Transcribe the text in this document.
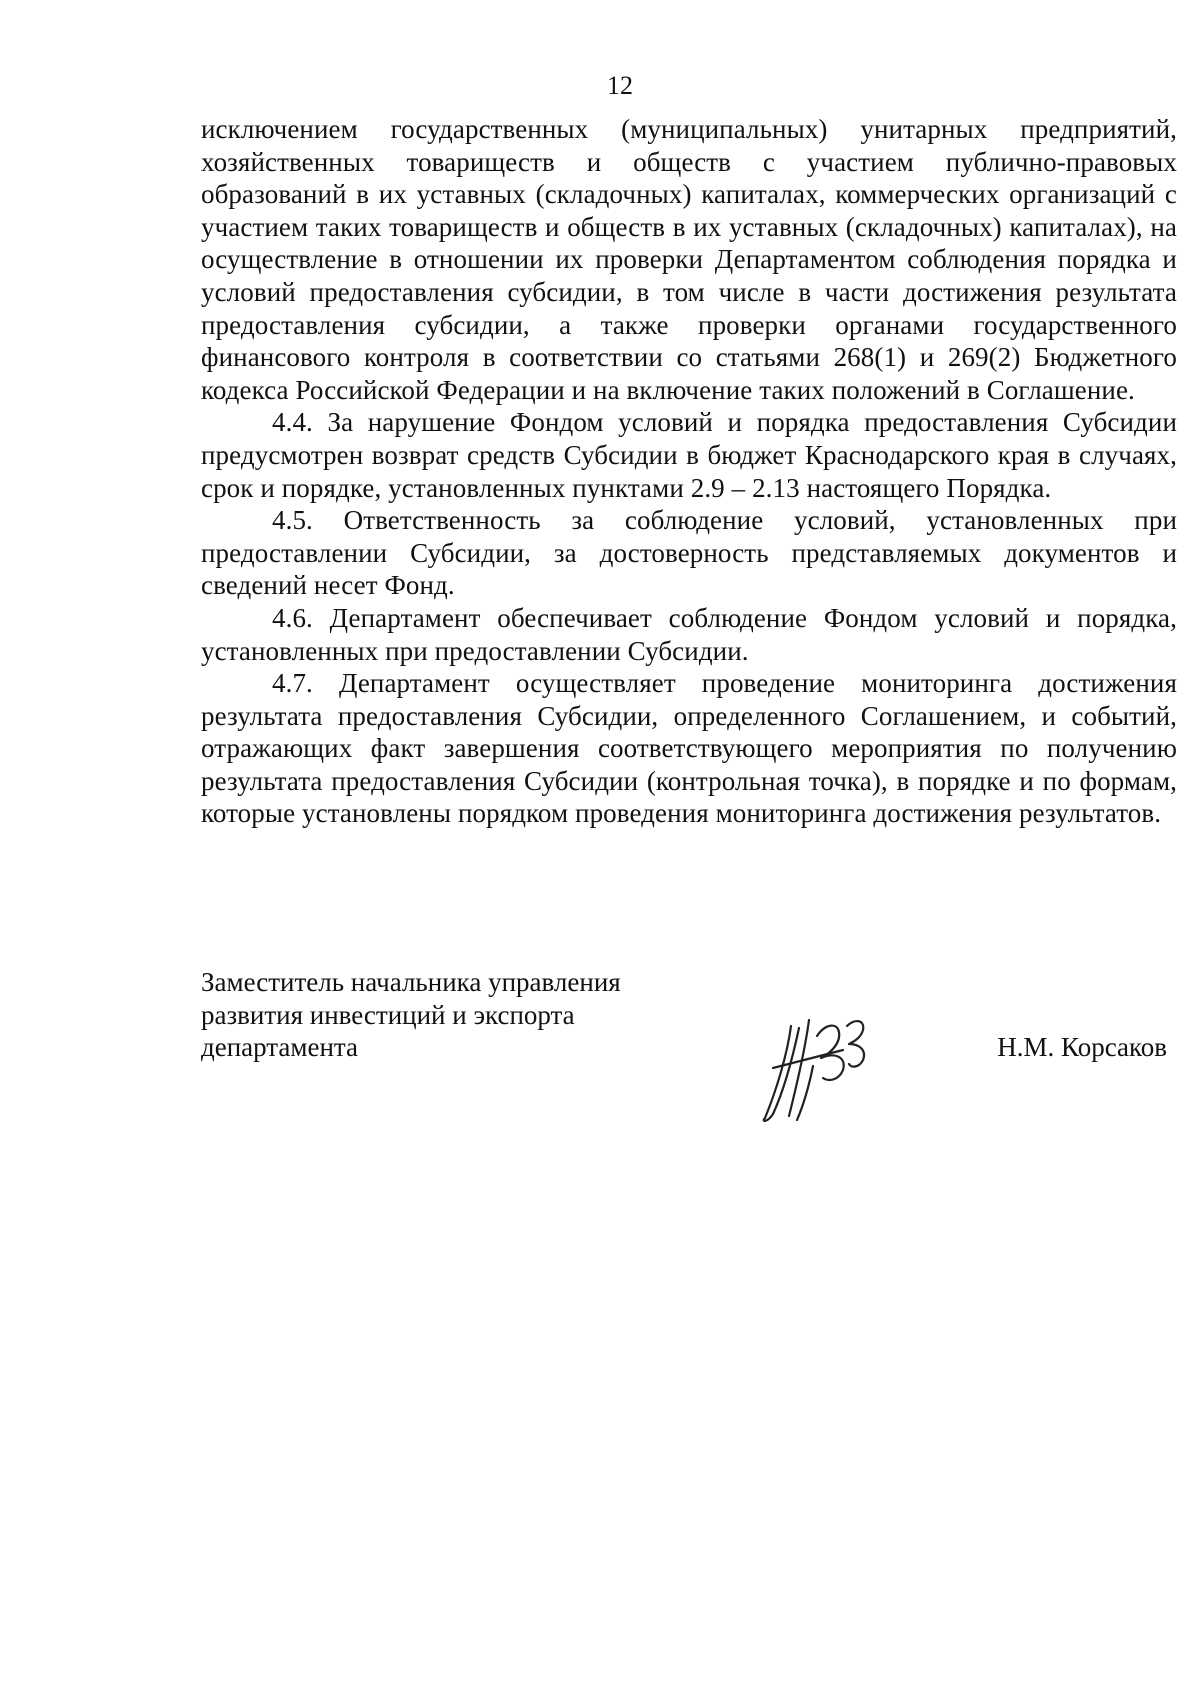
12

исключением государственных (муниципальных) унитарных предприятий, хозяйственных товариществ и обществ с участием публично-правовых образований в их уставных (складочных) капиталах, коммерческих организаций с участием таких товариществ и обществ в их уставных (складочных) капиталах), на осуществление в отношении их проверки Департаментом соблюдения порядка и условий предоставления субсидии, в том числе в части достижения результата предоставления субсидии, а также проверки органами государственного финансового контроля в соответствии со статьями 268(1) и 269(2) Бюджетного кодекса Российской Федерации и на включение таких положений в Соглашение.

4.4. За нарушение Фондом условий и порядка предоставления Субсидии предусмотрен возврат средств Субсидии в бюджет Краснодарского края в случаях, срок и порядке, установленных пунктами 2.9 – 2.13 настоящего Порядка.

4.5. Ответственность за соблюдение условий, установленных при предоставлении Субсидии, за достоверность представляемых документов и сведений несет Фонд.

4.6. Департамент обеспечивает соблюдение Фондом условий и порядка, установленных при предоставлении Субсидии.

4.7. Департамент осуществляет проведение мониторинга достижения результата предоставления Субсидии, определенного Соглашением, и событий, отражающих факт завершения соответствующего мероприятия по получению результата предоставления Субсидии (контрольная точка), в порядке и по формам, которые установлены порядком проведения мониторинга достижения результатов.

Заместитель начальника управления
развития инвестиций и экспорта
департамента	Н.М. Корсаков
